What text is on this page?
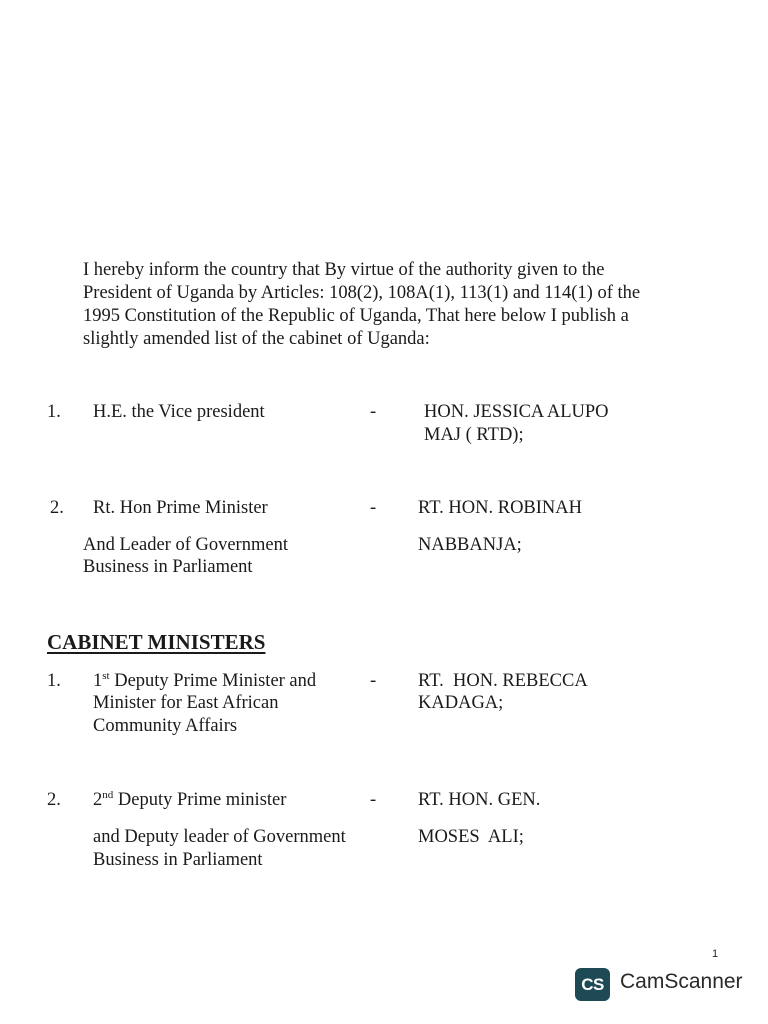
I hereby inform the country that By virtue of the authority given to the
President of Uganda by Articles: 108(2), 108A(1), 113(1) and 114(1) of the
1995 Constitution of the Republic of Uganda, That here below I publish a
slightly amended list of the cabinet of Uganda:
1. H.E. the Vice president	-	HON. JESSICA ALUPO
MAJ ( RTD);
2. Rt. Hon Prime Minister
And Leader of Government
Business in Parliament
- RT. HON. ROBINAH
NABBANJA;
CABINET MINISTERS
1. 1st Deputy Prime Minister and
Minister for East African
Community Affairs
- RT.  HON. REBECCA
KADAGA;
2. 2nd Deputy Prime minister
and Deputy leader of Government
Business in Parliament
- RT. HON. GEN.
MOSES  ALI;
1
CS CamScanner
